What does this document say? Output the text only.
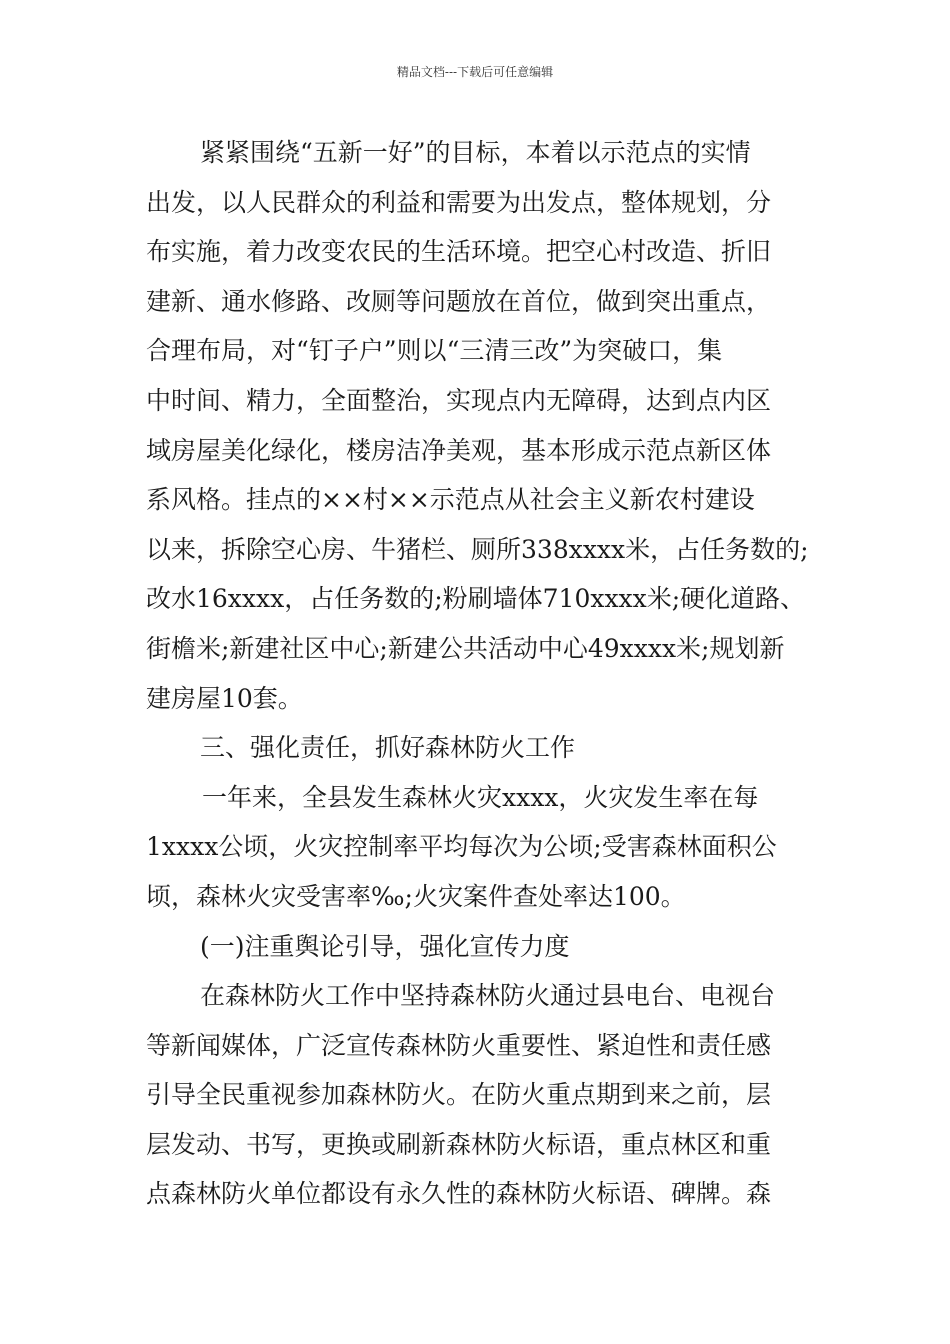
精品文档---下载后可任意编辑
紧紧围绕“五新一好”的目标，本着以示范点的实情
出发，以人民群众的利益和需要为出发点，整体规划，分
布实施，着力改变农民的生活环境。把空心村改造、折旧
建新、通水修路、改厕等问题放在首位，做到突出重点，
合理布局，对“钉子户”则以“三清三改”为突破口，集
中时间、精力，全面整治，实现点内无障碍，达到点内区
域房屋美化绿化，楼房洁净美观，基本形成示范点新区体
系风格。挂点的××村××示范点从社会主义新农村建设
以来，拆除空心房、牛猪栏、厕所338xxxx米，占任务数的;
改水16xxxx，占任务数的;粉刷墙体710xxxx米;硬化道路、
街檐米;新建社区中心;新建公共活动中心49xxxx米;规划新
建房屋10套。
三、强化责任，抓好森林防火工作
一年来，全县发生森林火灾xxxx，火灾发生率在每
1xxxx公顷，火灾控制率平均每次为公顷;受害森林面积公
顷，森林火灾受害率‰;火灾案件查处率达100。
(一)注重舆论引导，强化宣传力度
在森林防火工作中坚持森林防火通过县电台、电视台
等新闻媒体，广泛宣传森林防火重要性、紧迫性和责任感
引导全民重视参加森林防火。在防火重点期到来之前，层
层发动、书写，更换或刷新森林防火标语，重点林区和重
点森林防火单位都设有永久性的森林防火标语、碑牌。森
